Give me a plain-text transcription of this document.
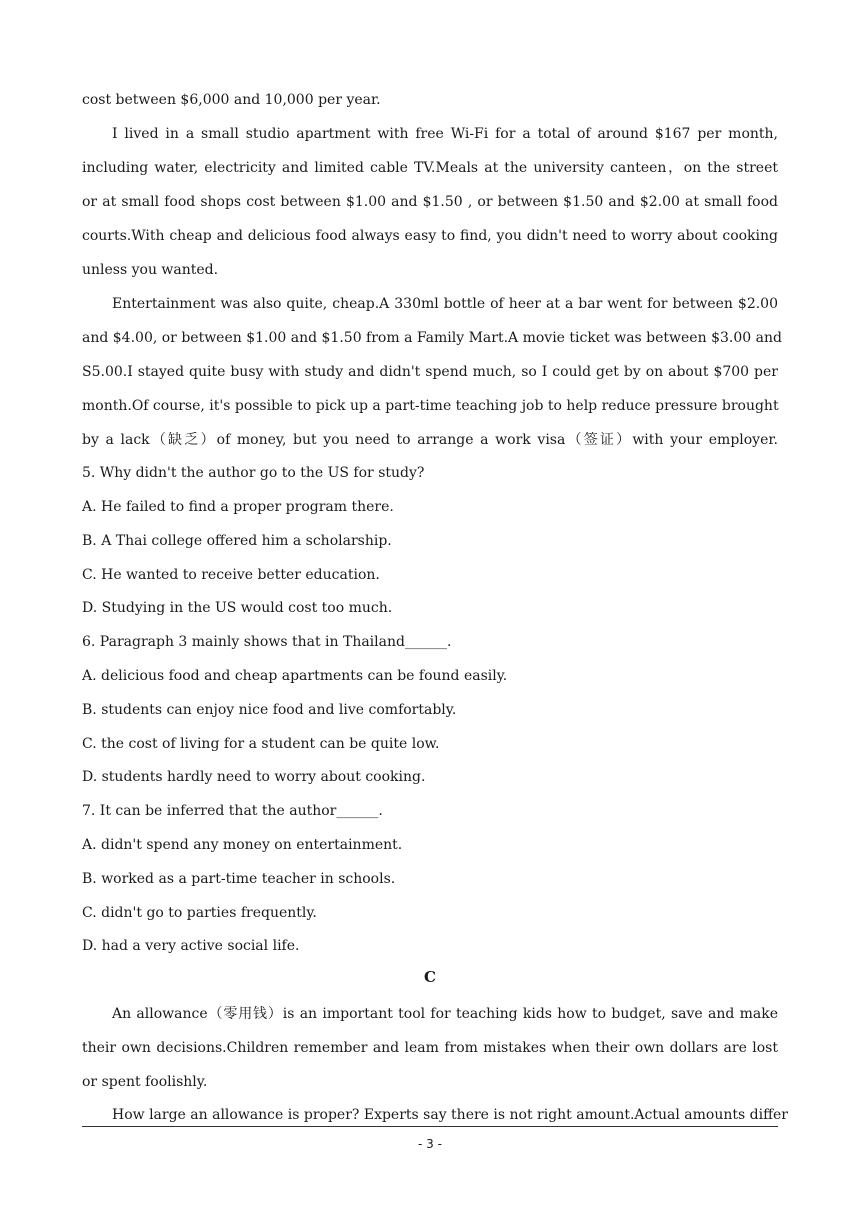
cost between $6,000 and 10,000 per year.
I lived in a small studio apartment with free Wi-Fi for a total of around $167 per month,
including water, electricity and limited cable TV.Meals at the university canteen，on the street
or at small food shops cost between $1.00 and $1.50 , or between $1.50 and $2.00 at small food
courts.With cheap and delicious food always easy to find, you didn't need to worry about cooking
unless you wanted.
Entertainment was also quite, cheap.A 330ml bottle of heer at a bar went for between $2.00
and $4.00, or between $1.00 and $1.50 from a Family Mart.A movie ticket was between $3.00 and
S5.00.I stayed quite busy with study and didn't spend much, so I could get by on about $700 per
month.Of course, it's possible to pick up a part-time teaching job to help reduce pressure brought
by a lack（缺乏）of money, but you need to arrange a work visa（签证）with your employer.
5. Why didn't the author go to the US for study?
A. He failed to find a proper program there.
B. A Thai college offered him a scholarship.
C. He wanted to receive better education.
D. Studying in the US would cost too much.
6. Paragraph 3 mainly shows that in Thailand______.
A. delicious food and cheap apartments can be found easily.
B. students can enjoy nice food and live comfortably.
C. the cost of living for a student can be quite low.
D. students hardly need to worry about cooking.
7. It can be inferred that the author______.
A. didn't spend any money on entertainment.
B. worked as a part-time teacher in schools.
C. didn't go to parties frequently.
D. had a very active social life.
C
An allowance（零用钱）is an important tool for teaching kids how to budget, save and make
their own decisions.Children remember and leam from mistakes when their own dollars are lost
or spent foolishly.
How large an allowance is proper? Experts say there is not right amount.Actual amounts differ
- 3 -
